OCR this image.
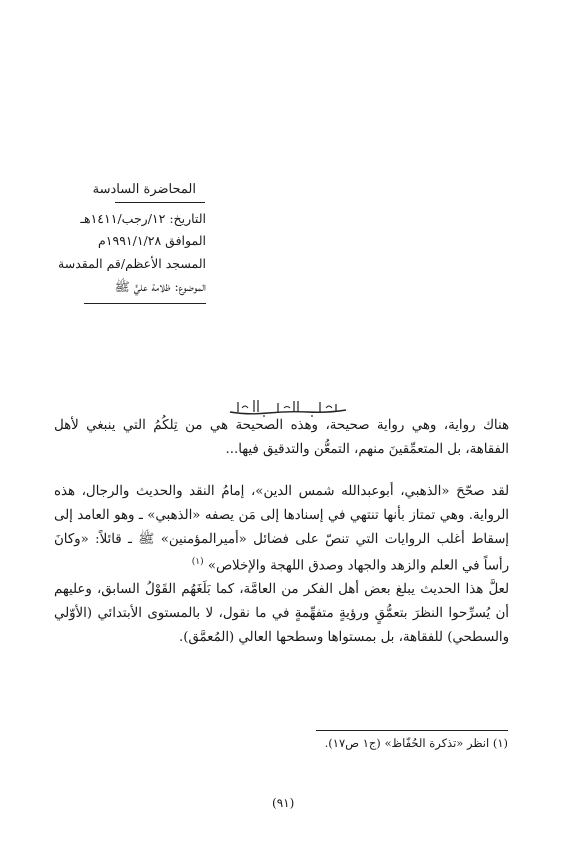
المحاضرة السادسة
التاريخ: ١٢/رجب/١٤١١هـ
الموافق ١٩٩١/١/٢٨م
المسجد الأعظم/قم المقدسة
الموضوع: ظلامة عليٍّ ﷺ

هناك رواية، وهي رواية صحيحة، وهذه الصحيحة هي من تِلكُمُ التي ينبغي لأهل الفقاهة، بل المتعمِّقينَ منهم، التمعُّن والتدقيق فيها...

لقد صحّحَ «الذهبي، أبوعبدالله شمس الدين»، إمامُ النقد والحديث والرجال، هذه الرواية. وهي تمتاز بأنها تنتهي في إسنادها إلى مَن يصفه «الذهبي» ـ وهو العامد إلى إسقاط أغلب الروايات التي تنصّ على فضائل «أميرالمؤمنين» ﷺ ـ قائلاً: «وكانَ رأساً في العلم والزهد والجهاد وصدق اللهجة والإخلاص» $^{(١)}$

لعلَّ هذا الحديث يبلغ بعض أهل الفكر من العامَّة، كما بَلَغَهُم القَوْلُ السابق، وعليهم أن يُسرِّحوا النظرَ بتعمُّقٍ ورؤيةٍ متفهِّمةٍ في ما نقول، لا بالمستوى الأبتدائي (الأوّلي والسطحي) للفقاهة، بل بمستواها وسطحها العالي (المُعمَّق).

(١) انظر «تذكرة الحُفّاظ» (ج١ ص١٧).
(٩١)
